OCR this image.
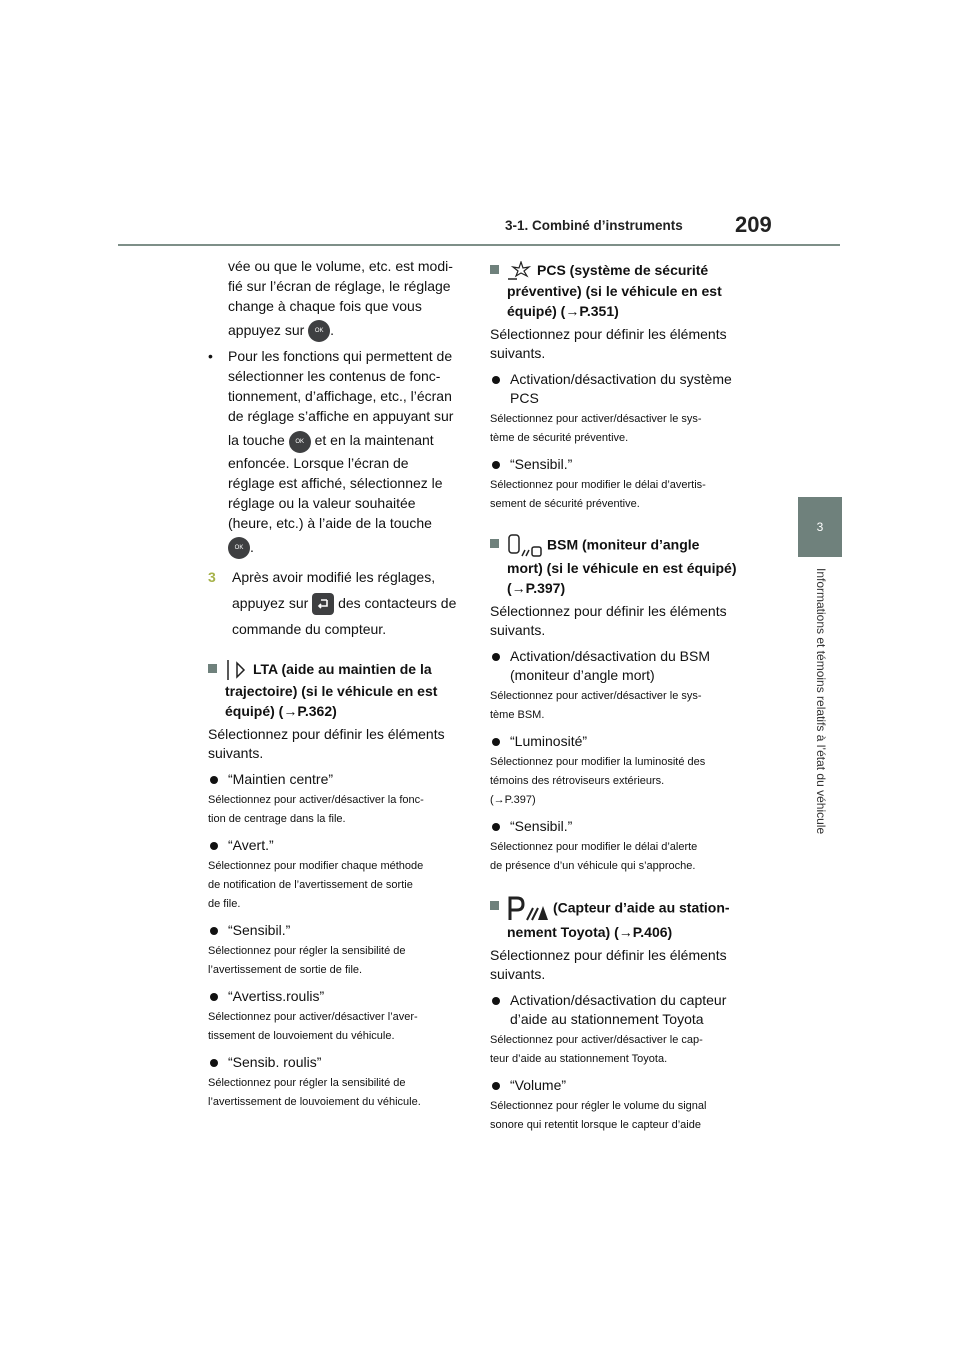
3-1. Combiné d’instruments 209
3
Informations et témoins relatifs à l’état du véhicule

vée ou que le volume, etc. est modi-

fié sur l’écran de réglage, le réglage

change à chaque fois que vous

appuyez sur OK .

•	Pour les fonctions qui permettent de

sélectionner les contenus de fonc-

tionnement, d’affichage, etc., l’écran

de réglage s’affiche en appuyant sur

la touche OK et en la maintenant

enfoncée. Lorsque l’écran de

réglage est affiché, sélectionnez le

réglage ou la valeur souhaitée

(heure, etc.) à l’aide de la touche

OK .

3	Après avoir modifié les réglages,

appuyez sur des contacteurs de

commande du compteur.

LTA (aide au maintien de la

trajectoire) (si le véhicule en est

équipé) (→P.362)

Sélectionnez pour définir les éléments

suivants.

“Maintien centre”

Sélectionnez pour activer/désactiver la fonc-

tion de centrage dans la file.

“Avert.”

Sélectionnez pour modifier chaque méthode

de notification de l’avertissement de sortie

de file.

“Sensibil.”

Sélectionnez pour régler la sensibilité de

l’avertissement de sortie de file.

“Avertiss.roulis”

Sélectionnez pour activer/désactiver l’aver-

tissement de louvoiement du véhicule.

“Sensib. roulis”

Sélectionnez pour régler la sensibilité de

l’avertissement de louvoiement du véhicule.

PCS (système de sécurité

préventive) (si le véhicule en est

équipé) (→P.351)

Sélectionnez pour définir les éléments

suivants.

Activation/désactivation du système

PCS

Sélectionnez pour activer/désactiver le sys-

tème de sécurité préventive.

“Sensibil.”

Sélectionnez pour modifier le délai d’avertis-

sement de sécurité préventive.

BSM (moniteur d’angle

mort) (si le véhicule en est équipé)

(→P.397)

Sélectionnez pour définir les éléments

suivants.

Activation/désactivation du BSM

(moniteur d’angle mort)

Sélectionnez pour activer/désactiver le sys-

tème BSM.

“Luminosité”

Sélectionnez pour modifier la luminosité des

témoins des rétroviseurs extérieurs.

(→P.397)

“Sensibil.”

Sélectionnez pour modifier le délai d’alerte

de présence d’un véhicule qui s’approche.

(Capteur d’aide au station-

nement Toyota) (→P.406)

Sélectionnez pour définir les éléments

suivants.

Activation/désactivation du capteur

d’aide au stationnement Toyota

Sélectionnez pour activer/désactiver le cap-

teur d’aide au stationnement Toyota.

“Volume”

Sélectionnez pour régler le volume du signal

sonore qui retentit lorsque le capteur d’aide
